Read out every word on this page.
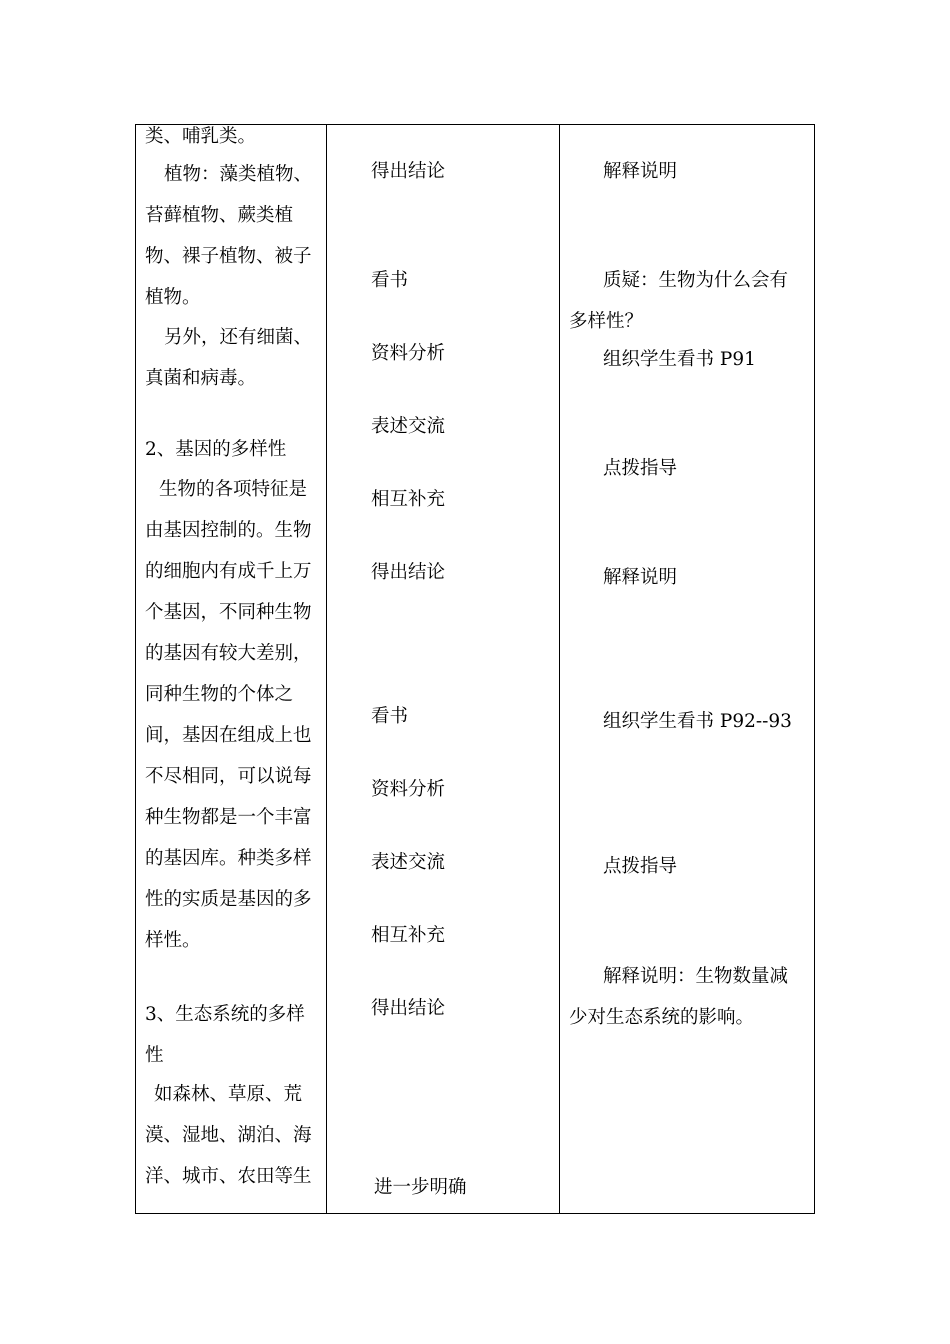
类、哺乳类。
植物：藻类植物、
苔藓植物、蕨类植
物、裸子植物、被子
植物。
另外，还有细菌、
真菌和病毒。
2、基因的多样性
生物的各项特征是
由基因控制的。生物
的细胞内有成千上万
个基因，不同种生物
的基因有较大差别，
同种生物的个体之
间，基因在组成上也
不尽相同，可以说每
种生物都是一个丰富
的基因库。种类多样
性的实质是基因的多
样性。
3、生态系统的多样
性
如森林、草原、荒
漠、湿地、湖泊、海
洋、城市、农田等生
得出结论
看书
资料分析
表述交流
相互补充
得出结论
看书
资料分析
表述交流
相互补充
得出结论
进一步明确
解释说明
质疑：生物为什么会有
多样性？
组织学生看书 P91
点拨指导
解释说明
组织学生看书 P92--93
点拨指导
解释说明：生物数量减
少对生态系统的影响。
